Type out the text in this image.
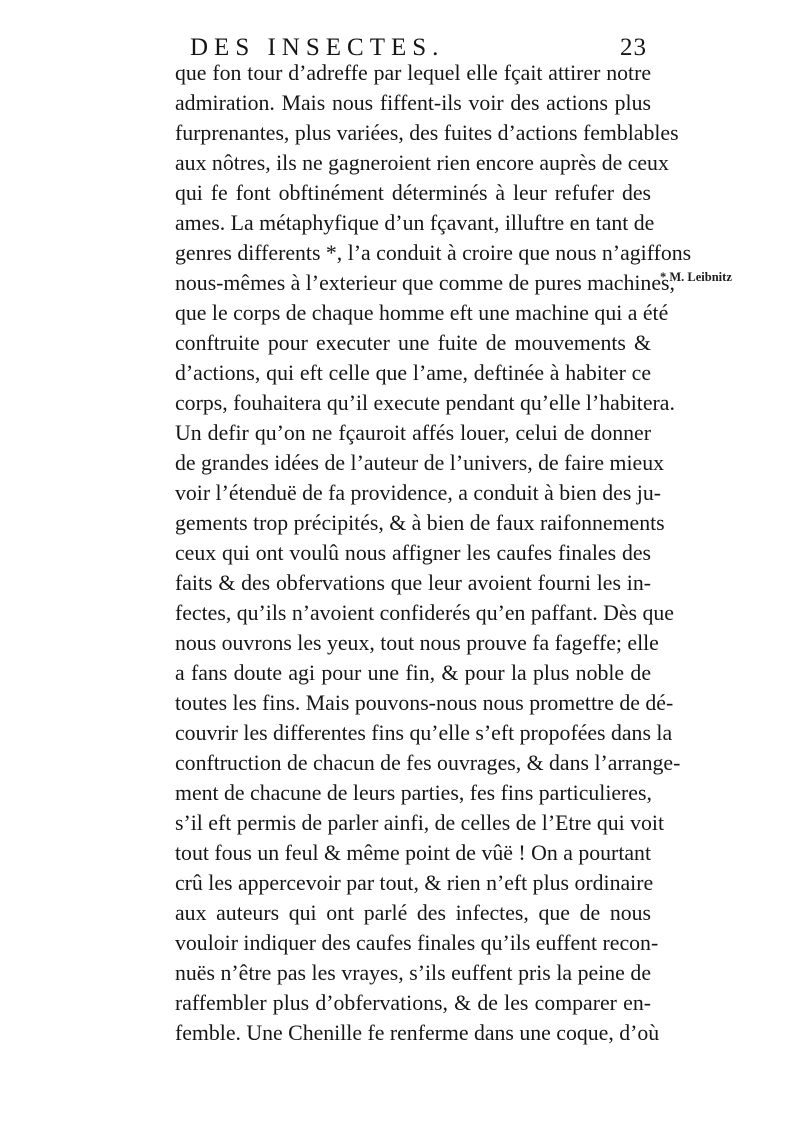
DES INSECTES.	23
que fon tour d’adreffe par lequel elle fçait attirer notre
admiration. Mais nous fiffent-ils voir des actions plus
furprenantes, plus variées, des fuites d’actions femblables
aux nôtres, ils ne gagneroient rien encore auprès de ceux
qui fe font obftinément déterminés à leur refufer des
ames. La métaphyfique d’un fçavant, illuftre en tant de
genres differents *, l’a conduit à croire que nous n’agiffons
nous-mêmes à l’exterieur que comme de pures machines,
que le corps de chaque homme eft une machine qui a été
conftruite pour executer une fuite de mouvements &
d’actions, qui eft celle que l’ame, deftinée à habiter ce
corps, fouhaitera qu’il execute pendant qu’elle l’habitera.
Un defir qu’on ne fçauroit affés louer, celui de donner
de grandes idées de l’auteur de l’univers, de faire mieux
voir l’étenduë de fa providence, a conduit à bien des ju-
gements trop précipités, & à bien de faux raifonnements
ceux qui ont voulû nous affigner les caufes finales des
faits & des obfervations que leur avoient fourni les in-
fectes, qu’ils n’avoient confiderés qu’en paffant. Dès que
nous ouvrons les yeux, tout nous prouve fa fageffe; elle
a fans doute agi pour une fin, & pour la plus noble de
toutes les fins. Mais pouvons-nous nous promettre de dé-
couvrir les differentes fins qu’elle s’eft propofées dans la
conftruction de chacun de fes ouvrages, & dans l’arrange-
ment de chacune de leurs parties, fes fins particulieres,
s’il eft permis de parler ainfi, de celles de l’Etre qui voit
tout fous un feul & même point de vûë ! On a pourtant
crû les appercevoir par tout, & rien n’eft plus ordinaire
aux auteurs qui ont parlé des infectes, que de nous
vouloir indiquer des caufes finales qu’ils euffent recon-
nuës n’être pas les vrayes, s’ils euffent pris la peine de
raffembler plus d’obfervations, & de les comparer en-
femble. Une Chenille fe renferme dans une coque, d’où
* M. Leibnitz
